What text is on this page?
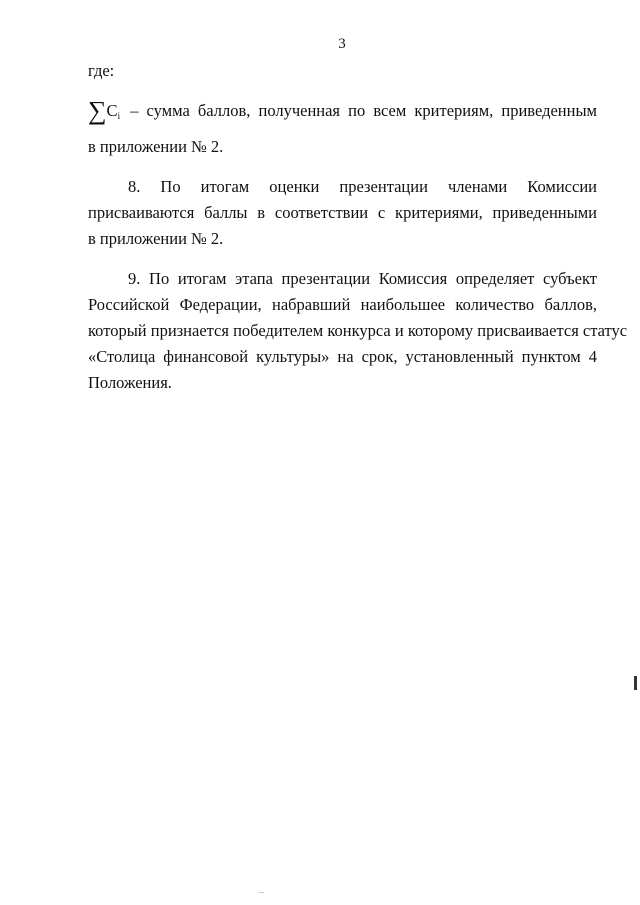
3
где:
$\sum C_i$ – сумма баллов, полученная по всем критериям, приведенным
в приложении № 2.
8. По итогам оценки презентации членами Комиссии
присваиваются баллы в соответствии с критериями, приведенными
в приложении № 2.
9. По итогам этапа презентации Комиссия определяет субъект
Российской Федерации, набравший наибольшее количество баллов,
который признается победителем конкурса и которому присваивается статус
«Столица финансовой культуры» на срок, установленный пунктом 4
Положения.
